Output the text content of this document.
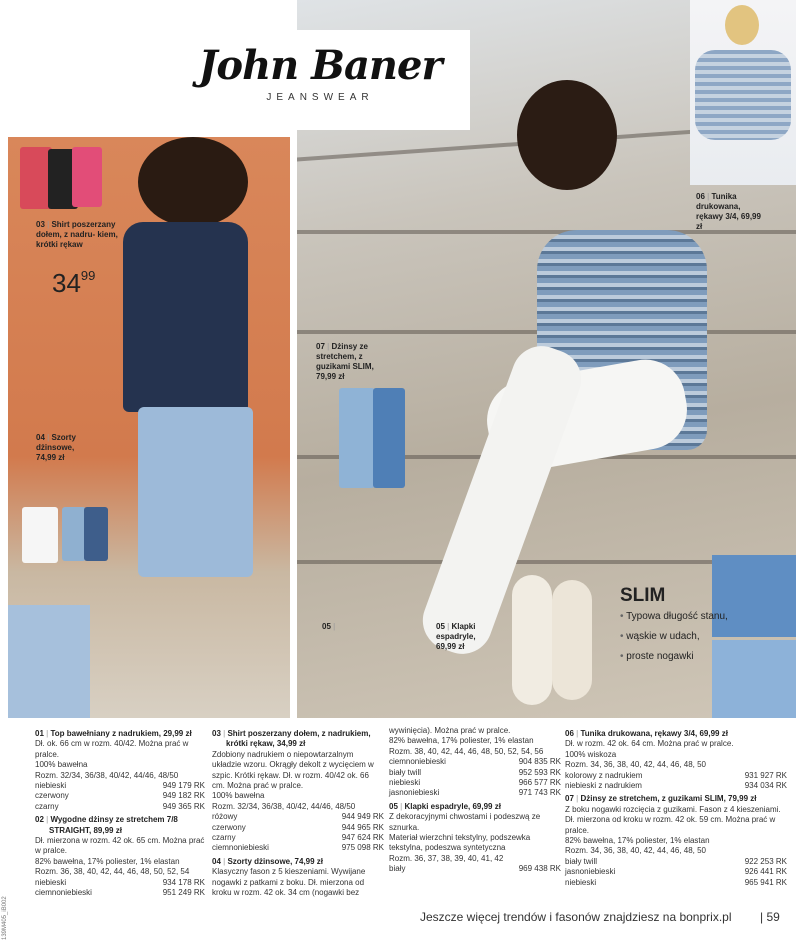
John Baner
JEANSWEAR
03 | Shirt poszerzany dołem, z nadru- kiem, krótki rękaw
$34^{99}$
04 | Szorty dżinsowe, 74,99 zł
07 | Dżinsy ze stretchem, z guzikami SLIM, 79,99 zł
05 |	05 | Klapki espadryle, 69,99 zł
06 | Tunika drukowana, rękawy 3/4, 69,99 zł
SLIM
• Typowa długość stanu,
• wąskie w udach,
• proste nogawki
01 | Top bawełniany z nadrukiem, 29,99 zł
Dł. ok. 66 cm w rozm. 40/42. Można prać w pralce.
100% bawełna
Rozm. 32/34, 36/38, 40/42, 44/46, 48/50
niebieski	949 179 RK
czerwony	949 182 RK
czarny	949 365 RK
02 | Wygodne dżinsy ze stretchem 7/8
STRAIGHT, 89,99 zł
Dł. mierzona w rozm. 42 ok. 65 cm. Można prać w pralce.
82% bawełna, 17% poliester, 1% elastan
Rozm. 36, 38, 40, 42, 44, 46, 48, 50, 52, 54
niebieski	934 178 RK
ciemnoniebieski	951 249 RK
03 | Shirt poszerzany dołem, z nadrukiem,
krótki rękaw, 34,99 zł
Zdobiony nadrukiem o niepowtarzalnym układzie wzoru. Okrągły dekolt z wycięciem w szpic. Krótki rękaw. Dł. w rozm. 40/42 ok. 66 cm. Można prać w pralce.
100% bawełna
Rozm. 32/34, 36/38, 40/42, 44/46, 48/50
różowy	944 949 RK
czerwony	944 965 RK
czarny	947 624 RK
ciemnoniebieski	975 098 RK
04 | Szorty dżinsowe, 74,99 zł
Klasyczny fason z 5 kieszeniami. Wywijane nogawki z patkami z boku. Dł. mierzona od kroku w rozm. 42 ok. 34 cm (nogawki bez
wywinięcia). Można prać w pralce.
82% bawełna, 17% poliester, 1% elastan
Rozm. 38, 40, 42, 44, 46, 48, 50, 52, 54, 56
ciemnoniebieski	904 835 RK
biały twill	952 593 RK
niebieski	966 577 RK
jasnoniebieski	971 743 RK
05 | Klapki espadryle, 69,99 zł
Z dekoracyjnymi chwostami i podeszwą ze sznurka.
Materiał wierzchni tekstylny, podszewka tekstylna, podeszwa syntetyczna
Rozm. 36, 37, 38, 39, 40, 41, 42
biały	969 438 RK
06 | Tunika drukowana, rękawy 3/4, 69,99 zł
Dł. w rozm. 42 ok. 64 cm. Można prać w pralce.
100% wiskoza
Rozm. 34, 36, 38, 40, 42, 44, 46, 48, 50
kolorowy z nadrukiem	931 927 RK
niebieski z nadrukiem	934 034 RK
07 | Dżinsy ze stretchem, z guzikami SLIM, 79,99 zł
Z boku nogawki rozcięcia z guzikami. Fason z 4 kieszeniami. Dł. mierzona od kroku w rozm. 42 ok. 59 cm. Można prać w pralce.
82% bawełna, 17% poliester, 1% elastan
Rozm. 34, 36, 38, 40, 42, 44, 46, 48, 50
biały twill	922 253 RK
jasnoniebieski	926 441 RK
niebieski	965 941 RK
Jeszcze więcej trendów i fasonów znajdziesz na bonprix.pl | 59
139M405_iB002
